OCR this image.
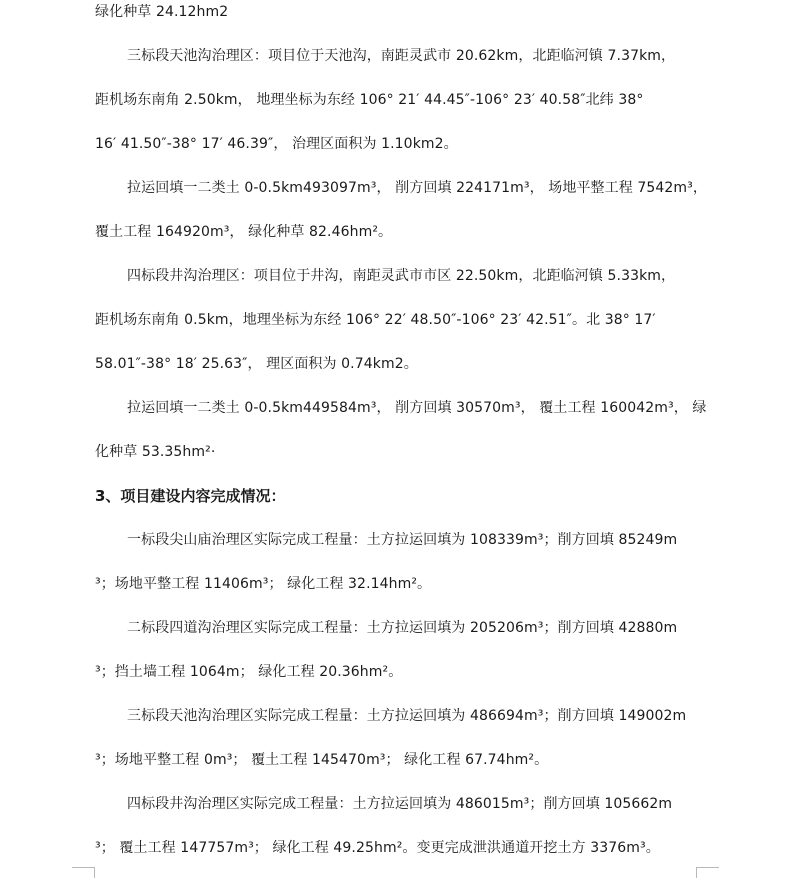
绿化种草 24.12hm2
三标段天池沟治理区：项目位于天池沟，南距灵武市 20.62km，北距临河镇 7.37km，
距机场东南角 2.50km， 地理坐标为东经 106° 21′ 44.45″-106° 23′ 40.58″北纬 38°
16′ 41.50″-38° 17′ 46.39″， 治理区面积为 1.10km2。
拉运回填一二类土 0-0.5km493097m³， 削方回填 224171m³， 场地平整工程 7542m³，
覆土工程 164920m³， 绿化种草 82.46hm²。
四标段井沟治理区：项目位于井沟，南距灵武市市区 22.50km，北距临河镇 5.33km，
距机场东南角 0.5km，地理坐标为东经 106° 22′ 48.50″-106° 23′ 42.51″。北 38° 17′
58.01″-38° 18′ 25.63″， 理区面积为 0.74km2。
拉运回填一二类土 0-0.5km449584m³， 削方回填 30570m³， 覆土工程 160042m³， 绿
化种草 53.35hm²·
3、项目建设内容完成情况：
一标段尖山庙治理区实际完成工程量：土方拉运回填为 108339m³；削方回填 85249m
³；场地平整工程 11406m³； 绿化工程 32.14hm²。
二标段四道沟治理区实际完成工程量：土方拉运回填为 205206m³；削方回填 42880m
³；挡土墙工程 1064m； 绿化工程 20.36hm²。
三标段天池沟治理区实际完成工程量：土方拉运回填为 486694m³；削方回填 149002m
³；场地平整工程 0m³； 覆土工程 145470m³； 绿化工程 67.74hm²。
四标段井沟治理区实际完成工程量：土方拉运回填为 486015m³；削方回填 105662m
³； 覆土工程 147757m³； 绿化工程 49.25hm²。变更完成泄洪通道开挖土方 3376m³。
